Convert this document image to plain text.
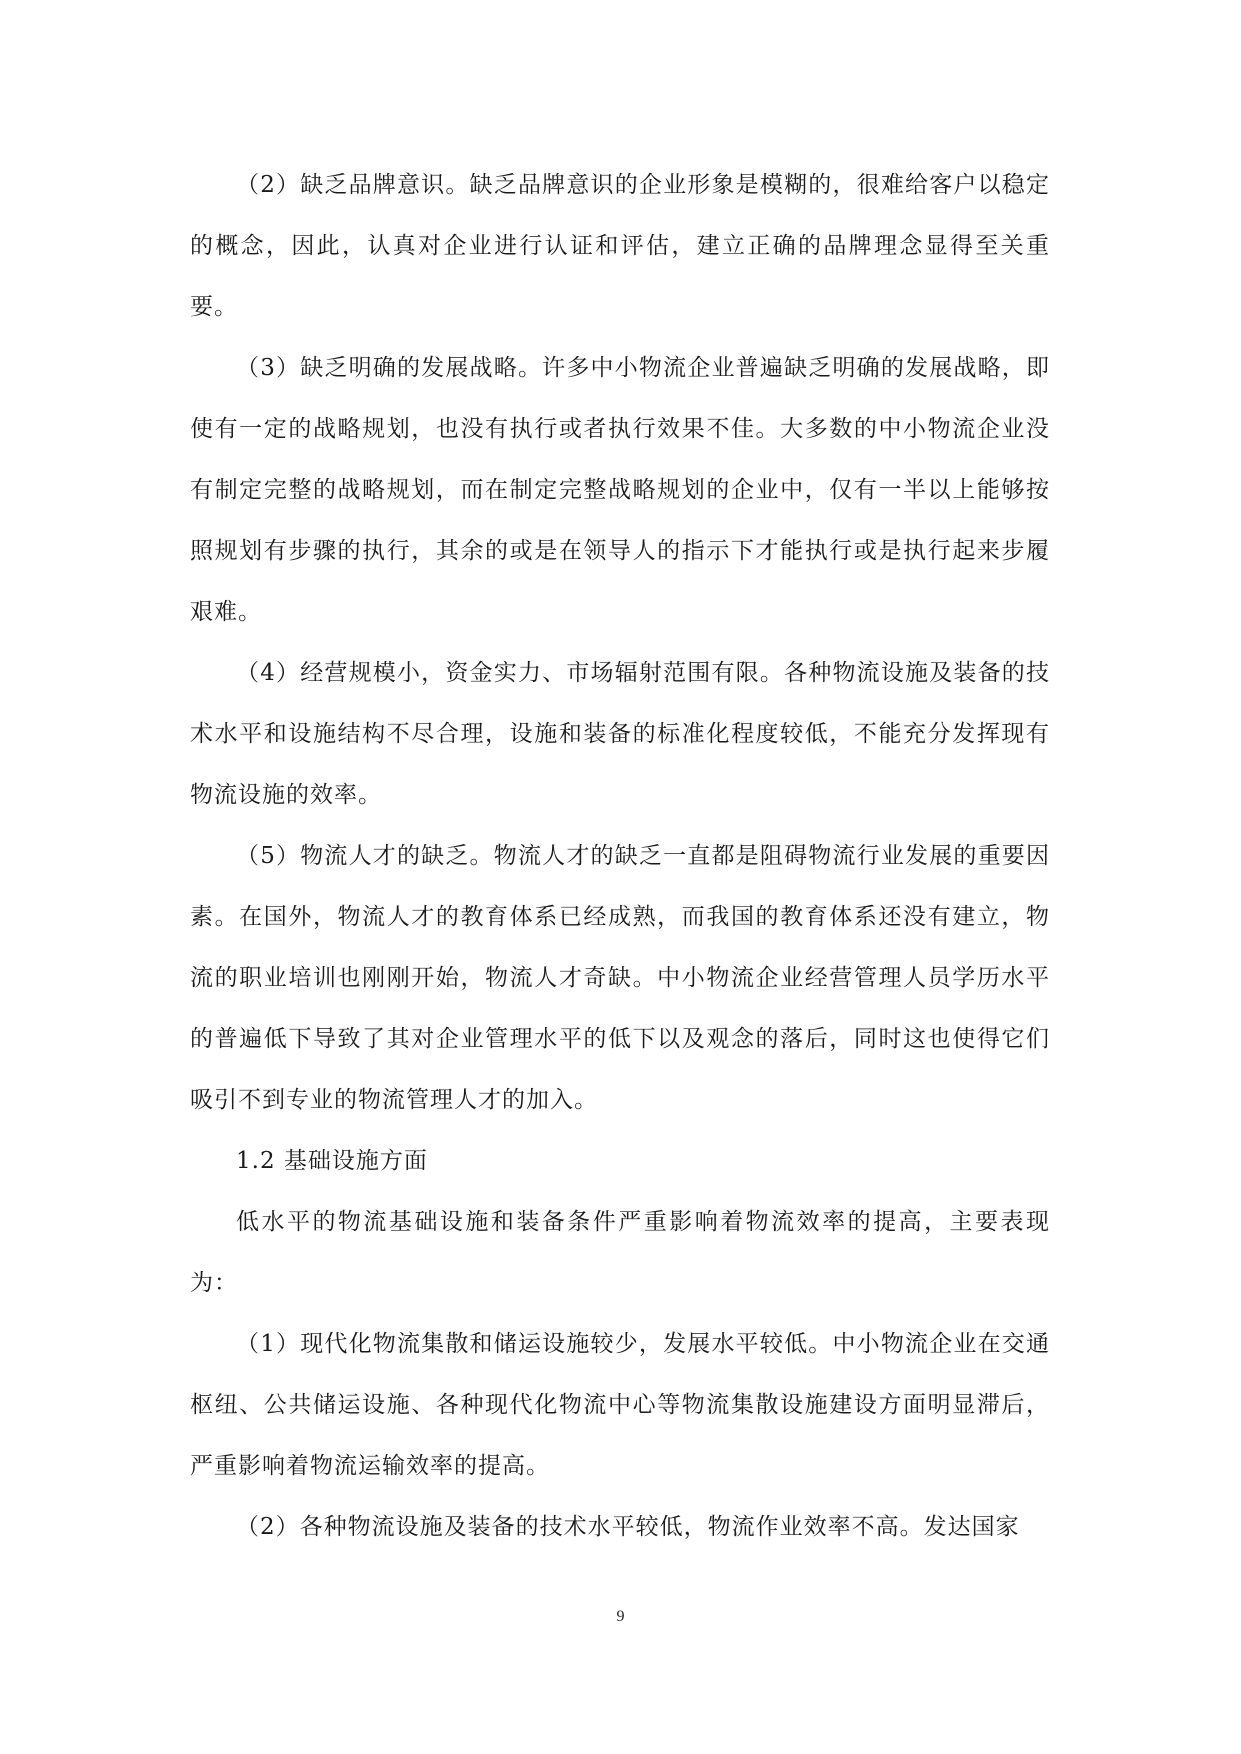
（2）缺乏品牌意识。缺乏品牌意识的企业形象是模糊的，很难给客户以稳定的概念，因此，认真对企业进行认证和评估，建立正确的品牌理念显得至关重要。

（3）缺乏明确的发展战略。许多中小物流企业普遍缺乏明确的发展战略，即使有一定的战略规划，也没有执行或者执行效果不佳。大多数的中小物流企业没有制定完整的战略规划，而在制定完整战略规划的企业中，仅有一半以上能够按照规划有步骤的执行，其余的或是在领导人的指示下才能执行或是执行起来步履艰难。

（4）经营规模小，资金实力、市场辐射范围有限。各种物流设施及装备的技术水平和设施结构不尽合理，设施和装备的标准化程度较低，不能充分发挥现有物流设施的效率。

（5）物流人才的缺乏。物流人才的缺乏一直都是阻碍物流行业发展的重要因素。在国外，物流人才的教育体系已经成熟，而我国的教育体系还没有建立，物流的职业培训也刚刚开始，物流人才奇缺。中小物流企业经营管理人员学历水平的普遍低下导致了其对企业管理水平的低下以及观念的落后，同时这也使得它们吸引不到专业的物流管理人才的加入。

1.2 基础设施方面

低水平的物流基础设施和装备条件严重影响着物流效率的提高，主要表现为：

（1）现代化物流集散和储运设施较少，发展水平较低。中小物流企业在交通枢纽、公共储运设施、各种现代化物流中心等物流集散设施建设方面明显滞后，严重影响着物流运输效率的提高。

（2）各种物流设施及装备的技术水平较低，物流作业效率不高。发达国家

9
